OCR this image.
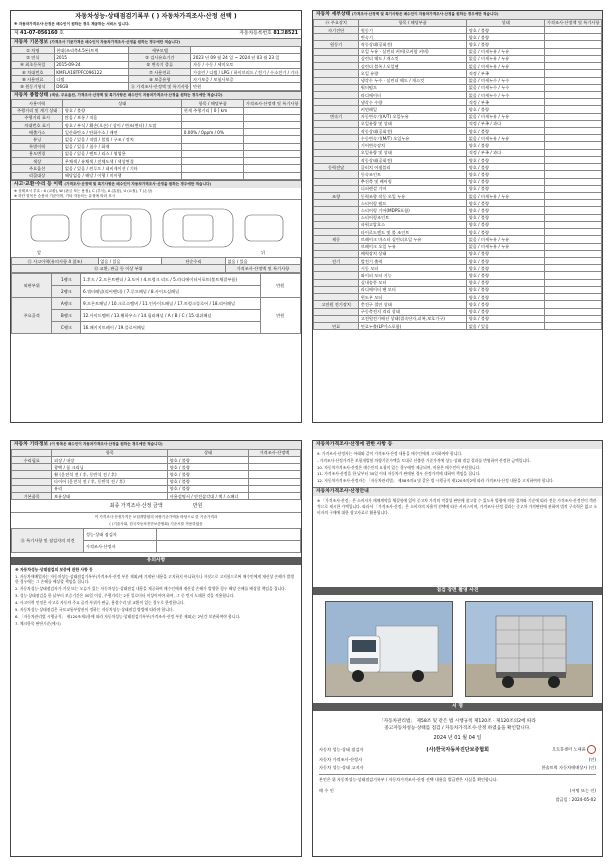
자동차성능·상태점검기록부 ( ) 자동차가격조사·산정 선택 )
※ 자동차가격조사·산정은 매수인이 원하는 경우 제공하는 서비스 입니다.
제 41-07-056160 호	자동차등록번호 81고8521
자동차 기본정보 (가격조사 기준가격은 매수인이 자동차가격조사·산정을 원하는 경우에만 적습니다)
① 차명	현대(쓰리축4.5톤)트럭	세부모델	
② 연식	2015	③ 검사유효기간	2023 년 09 월 24 일 ~ 2024 년 03 월 23 일
④ 최초등록일	2015-09-24	⑤ 변속기 종류	자동 / 수동 / 세미오토
⑥ 차대번호	KMFLA18TPFC096122	⑦ 사용연료	가솔린 / 디젤 / LPG / 하이브리드 / 전기 / 수소전기 / 기타
⑧ 사용연료	디젤	⑨ 보증유형	자가보증 / 보험사보증
⑩ 원동기형식	D6GB	⑪ 가격조사·산정액 및 특기사항	만원
자동차 종합상태 (색상, 주요옵션, 가격조사·산정액 및 특기사항은 매수인이 자동차가격조사·산정을 원하는 경우에만 적습니다)
사용이력	상태	항목 / 해당부품	가격조사·산정액 및 특기사항
주행거리 및 계기 상태	양호 / 불량	현재 주행거리 [ 0 ] km	
주행거리 표시	많음 / 보통 / 적음		
차대번호 표기	양호 / 부식 / 훼손(오손) / 상이 / 변조(변타) / 도말		
배출가스	일산화탄소 / 탄화수소 / 매연	0.00% / 0ppm / 0%	
튜닝	없음 / 있음 / 적법 / 불법 / 구조 / 장치		
특별이력	없음 / 있음 / 침수 / 화재		
용도변경	없음 / 있음 / 렌트 / 리스 / 영업용		
색상	무채색 / 유채색 / 전체도색 / 색상변경		
주요옵션	없음 / 있음 / 썬루프 / 네비게이션 / 기타		
리콜대상	해당없음 / 해당 / 이행 / 미이행		
사고·교환·수리 등 이력 (가격조사·산정액 및 특기사항은 매수인이 자동차가격조사·산정을 원하는 경우에만 적습니다)
※ 상태표시 부호 : X (교환), W (판금 또는 용접), C (부식), A (흠집), U (요철), T (손상)
※ 하단 항목은 승용차 기준이며, 기타 자동차는 유형에 따라 표시
앞	뒤
⑫ 사고이력(유의사항 4 참조)	없음 / 있음	단순수리	없음 / 있음
⑬ 교환, 판금 등 이상 부위			가격조사·산정액 및 특기사항
외판부위	1랭크	1.후드 / 2.프론트펜더 / 3.도어 / 4.트렁크 리드 / 5.라디에이터서포트(볼트체결부품)	만원
	2랭크	6.쿼터패널(리어펜더) / 7.루프패널 / 8.사이드실패널	
주요골격	A랭크	9.프론트패널 / 10.크로스멤버 / 11.인사이드패널 / 17.트렁크플로어 / 18.리어패널	만원
	B랭크	12.사이드멤버 / 13.휠하우스 / 14.필러패널 / A / B / C / 15.대쉬패널	
	C랭크	16.패키지트레이 / 19.플로어패널	
자동차 세부상태 (가격조사·산정액 및 특기사항은 매수인이 자동차가격조사·산정을 원하는 경우에만 적습니다)
⑭ 주요장치	항목 / 해당부품	상태	가격조사·산정액 및 특기사항
자기진단	원동기	양호 / 불량	
	변속기	양호 / 불량	
원동기	작동상태(공회전)	양호 / 불량	
	오일 누유 · 실린더 커버(로커암 커버)	없음 / 미세누유 / 누유	
	실린더 헤드 / 개스킷	없음 / 미세누유 / 누유	
	실린더 블록 / 오일팬	없음 / 미세누유 / 누유	
	오일 유량	적정 / 부족	
	냉각수 누수 · 실린더 헤드 / 개스킷	없음 / 미세누수 / 누수	
	워터펌프	없음 / 미세누수 / 누수	
	라디에이터	없음 / 미세누수 / 누수	
	냉각수 수량	적정 / 부족	
	커먼레일	양호 / 불량	
변속기	자동변속기(A/T) 오일누유	없음 / 미세누유 / 누유	
	오일유량 및 상태	적정 / 부족 / 과다	
	작동상태(공회전)	양호 / 불량	
	수동변속기(M/T) 오일누유	없음 / 미세누유 / 누유	
	기어변속장치	양호 / 불량	
	오일유량 및 상태	적정 / 부족 / 과다	
	작동상태(공회전)	양호 / 불량	
동력전달	클러치 어셈블리	양호 / 불량	
	등속조인트	양호 / 불량	
	추진축 및 베어링	양호 / 불량	
	디퍼렌셜 기어	양호 / 불량	
조향	동력조향 작동 오일 누유	없음 / 미세누유 / 누유	
	스티어링 펌프	양호 / 불량	
	스티어링 기어(MDPS포함)	양호 / 불량	
	스티어링조인트	양호 / 불량	
	파워고압호스	양호 / 불량	
	타이로드엔드 및 볼 조인트	양호 / 불량	
제동	브레이크 마스터 실린더오일 누유	없음 / 미세누유 / 누유	
	브레이크 오일 누유	없음 / 미세누유 / 누유	
	배력장치 상태	양호 / 불량	
전기	발전기 출력	양호 / 불량	
	시동 모터	양호 / 불량	
	와이퍼 모터 기능	양호 / 불량	
	실내송풍 모터	양호 / 불량	
	라디에이터 팬 모터	양호 / 불량	
	윈도우 모터	양호 / 불량	
고전원 전기장치	충전구 절연 상태	양호 / 불량	
	구동축전지 격리 상태	양호 / 불량	
	고전원전기배선 상태(접속단자,피복,보호기구)	양호 / 불량	
연료	연료누출(LP가스포함)	없음 / 있음	
자동차 기타정보 (이 항목은 매수인이 자동차가격조사·산정을 원하는 경우에만 적습니다)
	항목	상태	가격조사·산정액
수리필요	외장 / 내장	양호 / 불량	
	광택 / 룸 크리닝	양호 / 불량	
	휠 (운전석 전 / 후, 동반석 전 / 후)	양호 / 불량	
	타이어 (운전석 전 / 후, 동반석 전 / 후)	양호 / 불량	
	유리	양호 / 불량	
기본품목	보유상태	사용설명서 / 안전삼각대 / 잭 / 스패너	
최종 가격조사·산정 금액	만원
이 가격조사·산정가격은 보험개발원의 차량기준가액을 바탕으로 한 기준가격과
( )기술사회, 한국자동차진단보증협회) 기준서를 적용하였음
⑮ 특기사항 및 점검자의 의견	성능·상태 점검자	
	가격조사·산정자	
유의사항

※ 자동차성능·상태점검의 보증에 관한 사항 등

1. 자동차매매업자는 자동차성능·상태점검기록부(가격조사·산정 부분 제외)에 기재된 내용을 고지하지 아니하거나 거짓으로 고지함으로써 매수인에게 재산상 손해가 발생한 경우에는 그 손해를 배상할 책임을 집니다.

2. 자동차성능·상태점검자가 거짓 또는 오류가 있는 자동차성능·상태점검 내용을 제공하여 매수인에게 재산상 손해가 발생한 경우 해당 손해를 배상할 책임을 집니다.

3. 성능·상태점검을 한 날부터 보증기간은 30일 이상, 주행거리는 2천 킬로미터 이상이어야 하며, 그 중 먼저 도래한 것을 적용합니다.

4. 사고이력 인정은 사고로 자동차 주요 골격 부위가 판금, 용접수리 및 교환이 있는 경우로 한정합니다.

5. 자동차성능·상태점검은 국토교통부장관이 정하는 자동차성능·상태점검 방법에 따라야 합니다.

6. 「자동차관리법 시행규칙」 제120조제1항에 따라 자동차성능·상태점검기록부(가격조사·산정 부분 제외)는 2년간 보관하여야 합니다.

7. 체크항목 판단기준(예시)

자동차가격조사·산정에 관한 사항 등

9. 가격조사·산정자는 아래와 같이 가격조사·산정 내용을 매수인에게 고지하여야 합니다.

- 가격조사·산정가격은 보험개발원 차량기준가액을 토대로 산출한 기준가격에 성능·상태 점검 결과를 반영하여 산정한 금액입니다.

10. 자동차가격조사·산정은 매수인의 요청이 있는 경우에만 제공되며, 비용은 매수인이 부담합니다.

11. 가격조사·산정을 한 날부터 30일 이내 자동차가 판매된 경우 산정가격에 대하여 책임을 집니다.

12. 자동차가격조사·산정자는 「자동차관리법」 제58조의4 및 같은 법 시행규칙 제120조의2에 따라 가격조사·산정 내용을 고지하여야 합니다.

자동차가격조사·산정안내
※ 「가격조사·산정」은 소비자가 매매계약을 체결함에 있어 중고차 가격의 적절성 판단에 참고할 수 있도록 법령에 의한 절차와 기준에 따라 전문 가격조사·산정인이 객관적으로 제시한 가액입니다. 따라서 「가격조사·산정」은 소비자의 자율적 선택에 따른 서비스이며, 가격조사·산정 결과는 중고차 가격판단에 관하여 법적 구속력은 없고 소비자의 구매에 대한 참고자료로 활용됩니다.
점검 장면 촬영 사진
서 명
「자동차관리법」 제58조 및 같은 법 시행규칙 제120조 · 제120조의2에 따라
중고자동차성능·상태를 점검 / 자동차가격조사·산정 하였음을 확인합니다.
2024 년 01 월 04 일
자동차 성능·상태 점검자	(사)한국자동차진단보증협회	오토통센터 노대윤
자동차 가격조사·산정자	(인)
자동차 성능·상태 고지자	한솔트럭 자동차매매상사 (인)
본인은 위 자동차성능·상태점검기록부 / 자동차가격조사·산정 선택 내용을 발급받은 사실을 확인합니다.
매 수 인	(서명 또는 인)
발급일 : 2024-05-02
